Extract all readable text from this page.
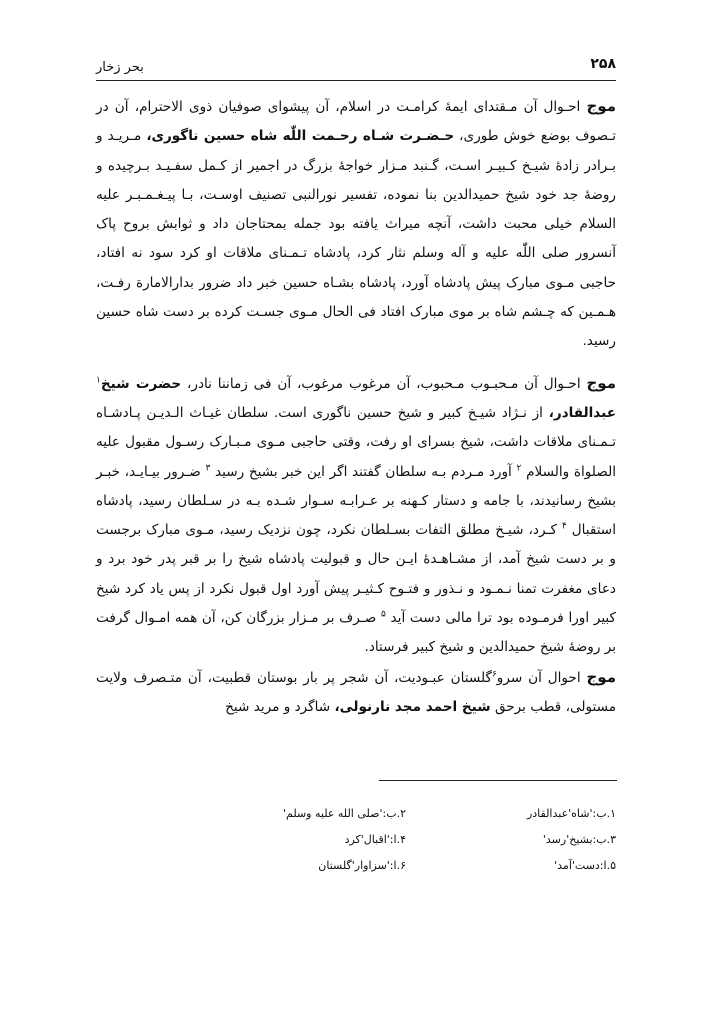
۲۵۸
بحر زخار

موج احـوال آن مـقتدای ایمهٔ کرامـت در اسلام، آن پیشوای صوفیان ذوی الاحترام، آن در تـصوف بوضع خوش طوری، حـضـرت شـاه رحـمت اللّٰه شاه حسین ناگوری، مـریـد و بـرادر زادهٔ شیـخ کـبیـر اسـت، گـنبد مـزار خواجهٔ بزرگ در اجمیر از کـمل سفـیـد بـرچیده و روضهٔ جد خود شیخ حمیدالدین بنا نموده، تفسیر نورالنبی تصنیف اوسـت، بـا پیـغـمـبـر علیه السلام خیلی محبت داشت، آنچه میراث یافته بود جمله بمحتاجان داد و ثوابش بروح پاک آنسرور صلی اللّٰه علیه و آله وسلم نثار کرد، پادشاه تـمـنای ملاقات او کرد سود نه افتاد، حاجبی مـوی مبارک پیش پادشاه آورد، پادشاه بشـاه حسین خبر داد ضرور بدارالامارة رفـت، هـمـین که چـشم شاه بر موی مبارک افتاد فی الحال مـوی جسـت کرده بر دست شاه حسین رسید.

موج احـوال آن مـحبـوب مـحبوب، آن مرغوب مرغوب، آن فی زماننا نادر، حضرت شیخ$^۱$ عبدالقادر، از نـژاد شیـخ کبیر و شیخ حسین ناگوری است. سلطان غیـاث الـدیـن پـادشـاه تـمـنای ملاقات داشت، شیخ بسرای او رفت، وقتی حاجبی مـوی مـبـارک رسـول مقبول علیه الصلواة والسلام $^۲$ آورد مـردم بـه سلطان گفتند اگر این خبر بشیخ رسید $^۳$ ضـرور بیـایـد، خبـر بشیخ رسانیدند، با جامه و دستار کـهنه بر عـرابـه سـوار شـده بـه در سـلطان رسید، پادشاه استقبال $^۴$ کـرد، شیـخ مطلق التفات بسـلطان نکرد، چون نزدیک رسید، مـوی مبارک برجست و بر دست شیخ آمد، از مشـاهـدهٔ ایـن حال و قبولیت پادشاه شیخ را بر قبر پدر خود برد و دعای مغفرت تمنا نـمـود و نـذور و فتـوح کـثیـر پیش آورد اول قبول نکرد از پس یاد کرد شیخ کبیر اورا فرمـوده بود ترا مالی دست آید $^۵$ صـرف بر مـزار بزرگان کن، آن همه امـوال گرفت بر روضهٔ شیخ حمیدالدین و شیخ کبیر فرستاد.

موج احوال آن سرو$^۶$گلستان عبـودیت، آن شجر پر بار بوستان قطبیت، آن متـصرف ولایت مستولی، قطب برحق شیخ احمد مجد نارنولی، شاگرد و مرید شیخ

۱.ب:'شاه'عبدالقادر
۲.ب:'صلی الله علیه وسلم'
۳.ب:بشیخ'رسد'
۴.ا:'اقبال'کرد
۵.ا:دست'آمد'
۶.ا:'سزاوار'گلستان
